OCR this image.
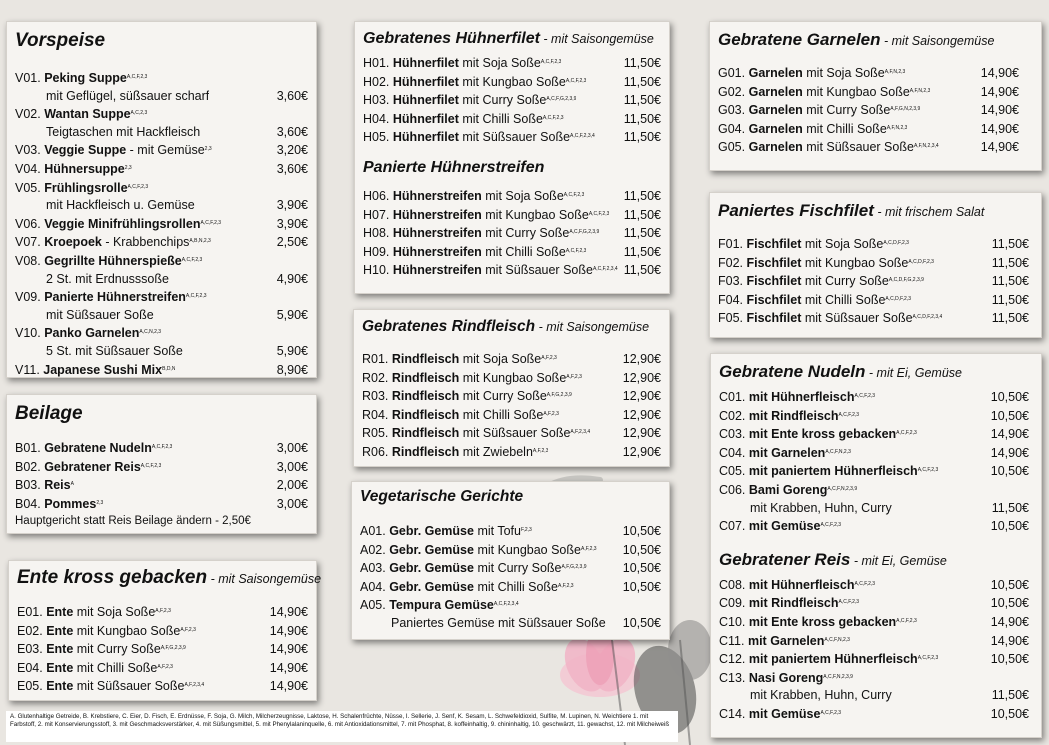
Vorspeise
V01. Peking Suppe$^{A,C,F,2,3}$
mit Geflügel, süßsauer scharf	3,60€
V02. Wantan Suppe$^{A,C,2,3}$
Teigtaschen mit Hackfleisch	3,60€
V03. Veggie Suppe - mit Gemüse$^{2,3}$	3,20€
V04. Hühnersuppe$^{2,3}$	3,60€
V05. Frühlingsrolle$^{A,C,F,2,3}$
mit Hackfleisch u. Gemüse	3,90€
V06. Veggie Minifrühlingsrollen$^{A,C,F,2,3}$	3,90€
V07. Kroepoek - Krabbenchips$^{A,B,N,2,3}$	2,50€
V08. Gegrillte Hühnerspieße$^{A,C,F,2,3}$
2 St. mit Erdnusssoße	4,90€
V09. Panierte Hühnerstreifen$^{A,C,F,2,3}$
mit Süßsauer Soße	5,90€
V10. Panko Garnelen$^{A,C,N,2,3}$
5 St. mit Süßsauer Soße	5,90€
V11. Japanese Sushi Mix$^{B,D,N}$	8,90€
Beilage
B01. Gebratene Nudeln$^{A,C,F,2,3}$	3,00€
B02. Gebratener Reis$^{A,C,F,2,3}$	3,00€
B03. Reis$^A$	2,00€
B04. Pommes$^{2,3}$	3,00€
Hauptgericht statt Reis Beilage ändern - 2,50€
Ente kross gebacken - mit Saisongemüse
E01. Ente mit Soja Soße$^{A,F,2,3}$	14,90€
E02. Ente mit Kungbao Soße$^{A,F,2,3}$	14,90€
E03. Ente mit Curry Soße$^{A,F,G,2,3,9}$	14,90€
E04. Ente mit Chilli Soße$^{A,F,2,3}$	14,90€
E05. Ente mit Süßsauer Soße$^{A,F,2,3,4}$	14,90€
Gebratenes Hühnerfilet - mit Saisongemüse
H01. Hühnerfilet mit Soja Soße$^{A,C,F,2,3}$	11,50€
H02. Hühnerfilet mit Kungbao Soße$^{A,C,F,2,3}$	11,50€
H03. Hühnerfilet mit Curry Soße$^{A,C,F,G,2,3,9}$	11,50€
H04. Hühnerfilet mit Chilli Soße$^{A,C,F,2,3}$	11,50€
H05. Hühnerfilet mit Süßsauer Soße$^{A,C,F,2,3,4}$ 11,50€
Panierte Hühnerstreifen
H06. Hühnerstreifen mit Soja Soße$^{A,C,F,2,3}$	11,50€
H07. Hühnerstreifen mit Kungbao Soße$^{A,C,F,2,3}$ 11,50€
H08. Hühnerstreifen mit Curry Soße$^{A,C,F,G,2,3,9}$ 11,50€
H09. Hühnerstreifen mit Chilli Soße$^{A,C,F,2,3}$	11,50€
H10. Hühnerstreifen mit Süßsauer Soße$^{A,C,F,2,3,4}$ 11,50€
Gebratenes Rindfleisch - mit Saisongemüse
R01. Rindfleisch mit Soja Soße$^{A,F,2,3}$	12,90€
R02. Rindfleisch mit Kungbao Soße$^{A,F,2,3}$	12,90€
R03. Rindfleisch mit Curry Soße$^{A,F,G,2,3,9}$	12,90€
R04. Rindfleisch mit Chilli Soße$^{A,F,2,3}$	12,90€
R05. Rindfleisch mit Süßsauer Soße$^{A,F,2,3,4}$	12,90€
R06. Rindfleisch mit Zwiebeln$^{A,F,2,3}$	12,90€
Vegetarische Gerichte
A01. Gebr. Gemüse mit Tofu$^{F,2,3}$	10,50€
A02. Gebr. Gemüse mit Kungbao Soße$^{A,F,2,3}$ 10,50€
A03. Gebr. Gemüse mit Curry Soße$^{A,F,G,2,3,9}$	10,50€
A04. Gebr. Gemüse mit Chilli Soße$^{A,F,2,3}$	10,50€
A05. Tempura Gemüse$^{A,C,F,2,3,4}$
Paniertes Gemüse mit Süßsauer Soße 10,50€
Gebratene Garnelen - mit Saisongemüse
G01. Garnelen mit Soja Soße$^{A,F,N,2,3}$	14,90€
G02. Garnelen mit Kungbao Soße$^{A,F,N,2,3}$	14,90€
G03. Garnelen mit Curry Soße$^{A,F,G,N,2,3,9}$	14,90€
G04. Garnelen mit Chilli Soße$^{A,F,N,2,3}$	14,90€
G05. Garnelen mit Süßsauer Soße$^{A,F,N,2,3,4}$	14,90€
Paniertes Fischfilet - mit frischem Salat
F01. Fischfilet mit Soja Soße$^{A,C,D,F,2,3}$	11,50€
F02. Fischfilet mit Kungbao Soße$^{A,C,D,F,2,3}$	11,50€
F03. Fischfilet mit Curry Soße$^{A,C,D,F,G,2,3,9}$	11,50€
F04. Fischfilet mit Chilli Soße$^{A,C,D,F,2,3}$	11,50€
F05. Fischfilet mit Süßsauer Soße$^{A,C,D,F,2,3,4}$	11,50€
Gebratene Nudeln - mit Ei, Gemüse
C01. mit Hühnerfleisch$^{A,C,F,2,3}$	10,50€
C02. mit Rindfleisch$^{A,C,F,2,3}$	10,50€
C03. mit Ente kross gebacken$^{A,C,F,2,3}$	14,90€
C04. mit Garnelen$^{A,C,F,N,2,3}$	14,90€
C05. mit paniertem Hühnerfleisch$^{A,C,F,2,3}$	10,50€
C06. Bami Goreng$^{A,C,F,N,2,3,9}$
mit Krabben, Huhn, Curry	11,50€
C07. mit Gemüse$^{A,C,F,2,3}$	10,50€
Gebratener Reis - mit Ei, Gemüse
C08. mit Hühnerfleisch$^{A,C,F,2,3}$	10,50€
C09. mit Rindfleisch$^{A,C,F,2,3}$	10,50€
C10. mit Ente kross gebacken$^{A,C,F,2,3}$	14,90€
C11. mit Garnelen$^{A,C,F,N,2,3}$	14,90€
C12. mit paniertem Hühnerfleisch$^{A,C,F,2,3}$	10,50€
C13. Nasi Goreng$^{A,C,F,N,2,3,9}$
mit Krabben, Huhn, Curry	11,50€
C14. mit Gemüse$^{A,C,F,2,3}$	10,50€
A. Glutenhaltige Getreide, B. Krebstiere, C. Eier, D. Fisch, E. Erdnüsse, F. Soja, G. Milch, Milcherzeugnisse, Laktose, H. Schalenfrüchte, Nüsse, I. Sellerie, J. Senf, K. Sesam, L. Schwefeldioxid, Sulfite, M. Lupinen, N. Weichtiere 1. mit Farbstoff, 2. mit Konservierungsstoff, 3. mit Geschmacksverstärker, 4. mit Süßungsmittel, 5. mit Phenylalaninquelle, 6. mit Antioxidationsmittel, 7. mit Phosphat, 8. koffeinhaltig, 9. chininhaltig, 10. geschwärzt, 11. gewachst, 12. mit Milcheiweiß
